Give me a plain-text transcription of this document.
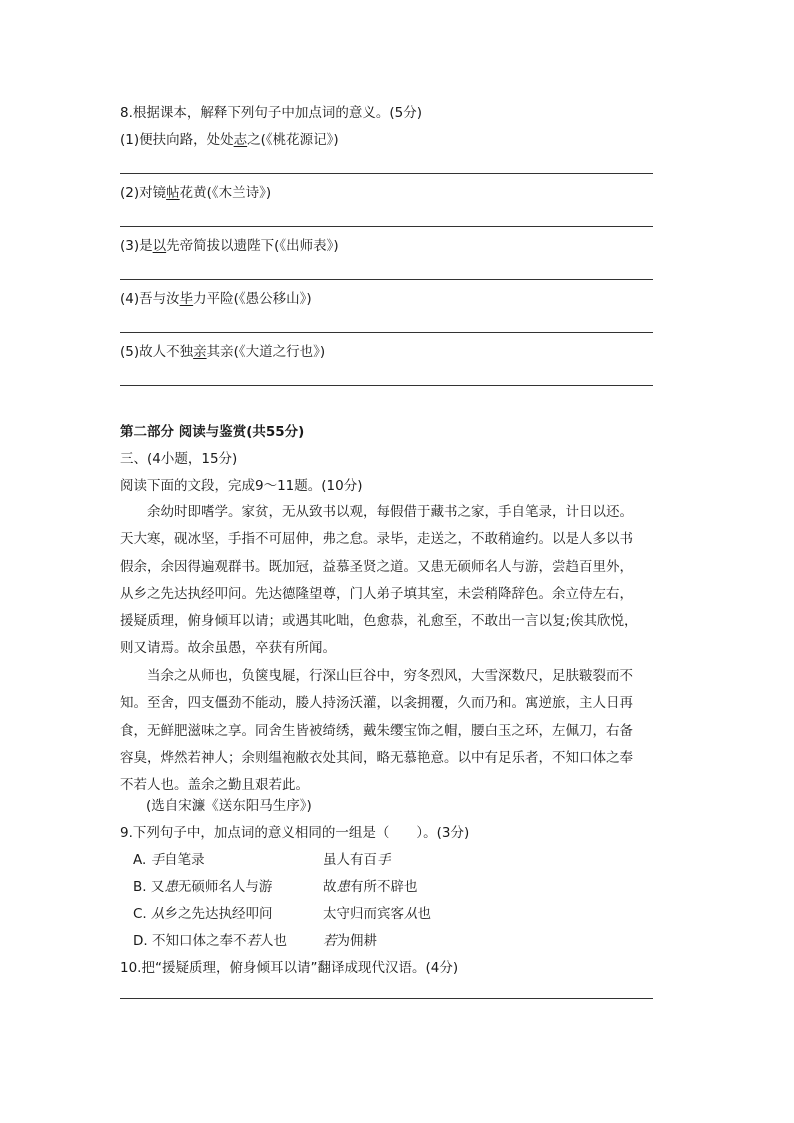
8.根据课本，解释下列句子中加点词的意义。(5分)
(1)便扶向路，处处志之(《桃花源记》)
(2)对镜帖花黄(《木兰诗》)
(3)是以先帝简拔以遗陛下(《出师表》)
(4)吾与汝毕力平险(《愚公移山》)
(5)故人不独亲其亲(《大道之行也》)
第二部分 阅读与鉴赏(共55分)
三、(4小题，15分)
阅读下面的文段，完成9～11题。(10分)
　　余幼时即嗜学。家贫，无从致书以观，每假借于藏书之家，手自笔录，计日以还。
天大寒，砚冰坚，手指不可屈伸，弗之怠。录毕，走送之，不敢稍逾约。以是人多以书
假余，余因得遍观群书。既加冠，益慕圣贤之道。又患无硕师名人与游，尝趋百里外，
从乡之先达执经叩问。先达德隆望尊，门人弟子填其室，未尝稍降辞色。余立侍左右，
援疑质理，俯身倾耳以请；或遇其叱咄，色愈恭，礼愈至，不敢出一言以复;俟其欣悦，
则又请焉。故余虽愚，卒获有所闻。
　　当余之从师也，负箧曳屣，行深山巨谷中，穷冬烈风，大雪深数尺，足肤皲裂而不
知。至舍，四支僵劲不能动，媵人持汤沃灌，以衾拥覆，久而乃和。寓逆旅，主人日再
食，无鲜肥滋味之享。同舍生皆被绮绣，戴朱缨宝饰之帽，腰白玉之环，左佩刀，右备
容臭，烨然若神人；余则缊袍敝衣处其间，略无慕艳意。以中有足乐者，不知口体之奉
不若人也。盖余之勤且艰若此。
(选自宋濂《送东阳马生序》)
9.下列句子中，加点词的意义相同的一组是（　　）。(3分)
A. 手自笔录	虽人有百手
B. 又患无硕师名人与游	故患有所不辟也
C. 从乡之先达执经叩问	太守归而宾客从也
D. 不知口体之奉不若人也	若为佣耕
10.把“援疑质理，俯身倾耳以请”翻译成现代汉语。(4分)
